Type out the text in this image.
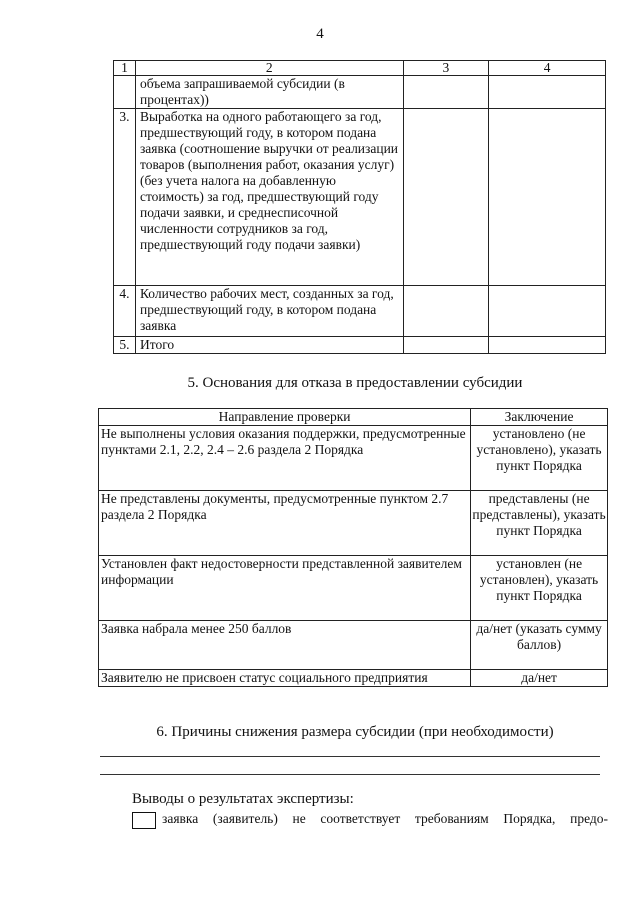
4
1	2	3	4
	объема запрашиваемой субсидии (в процентах))		
3.	Выработка на одного работающего за год, предшествующий году, в котором подана заявка (соотношение выручки от реализации товаров (выполнения работ, оказания услуг) (без учета налога на добавленную стоимость) за год, предшествующий году подачи заявки, и среднесписочной численности сотрудников за год, предшествующий году подачи заявки)		
4.	Количество рабочих мест, созданных за год, предшествующий году, в котором подана заявка		
5.	Итого		
5. Основания для отказа в предоставлении субсидии
Направление проверки	Заключение
Не выполнены условия оказания поддержки, предусмотренные пунктами 2.1, 2.2, 2.4 – 2.6 раздела 2 Порядка	установлено (не установлено), указать пункт Порядка
Не представлены документы, предусмотренные пунктом 2.7 раздела 2 Порядка	представлены (не представлены), указать пункт Порядка
Установлен факт недостоверности представленной заявителем информации	установлен (не установлен), указать пункт Порядка
Заявка набрала менее 250 баллов	да/нет (указать сумму баллов)
Заявителю не присвоен статус социального предприятия	да/нет
6. Причины снижения размера субсидии (при необходимости)
Выводы о результатах экспертизы:
заявка (заявитель) не соответствует требованиям Порядка, предо-
